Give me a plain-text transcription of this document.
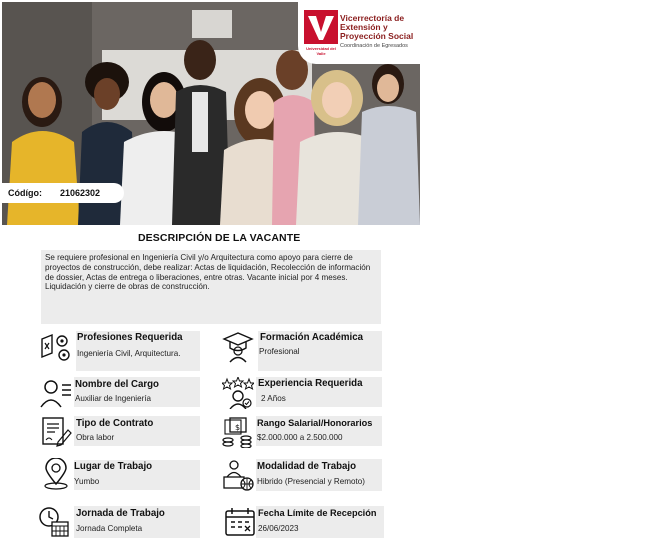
Universidad del Valle
Vicerrectoría de Extensión y Proyección Social
Coordinación de Egresados
Códígo: 21062302
DESCRIPCIÓN DE LA VACANTE
Se requiere profesional en Ingeniería Civil y/o Arquitectura como apoyo para cierre de proyectos de construcción, debe realizar: Actas de liquidación, Recolección de información de dossier, Actas de entrega o liberaciones, entre otras. Vacante inicial por 4 meses. Liquidación y cierre de obras de construcción.
Profesiones Requerida
Ingeniería Civil, Arquitectura.
Formación Académica
Profesional
Nombre del Cargo
Auxiliar de Ingeniería
Experiencia Requerida
2 Años
Tipo de Contrato
Obra labor
$ Rango Salarial/Honorarios
$2.000.000 a 2.500.000
Lugar de Trabajo
Yumbo
Modalidad de Trabajo
Hibrido (Presencial y Remoto)
Jornada de Trabajo
Jornada Completa
Fecha Límite de Recepción
26/06/2023
